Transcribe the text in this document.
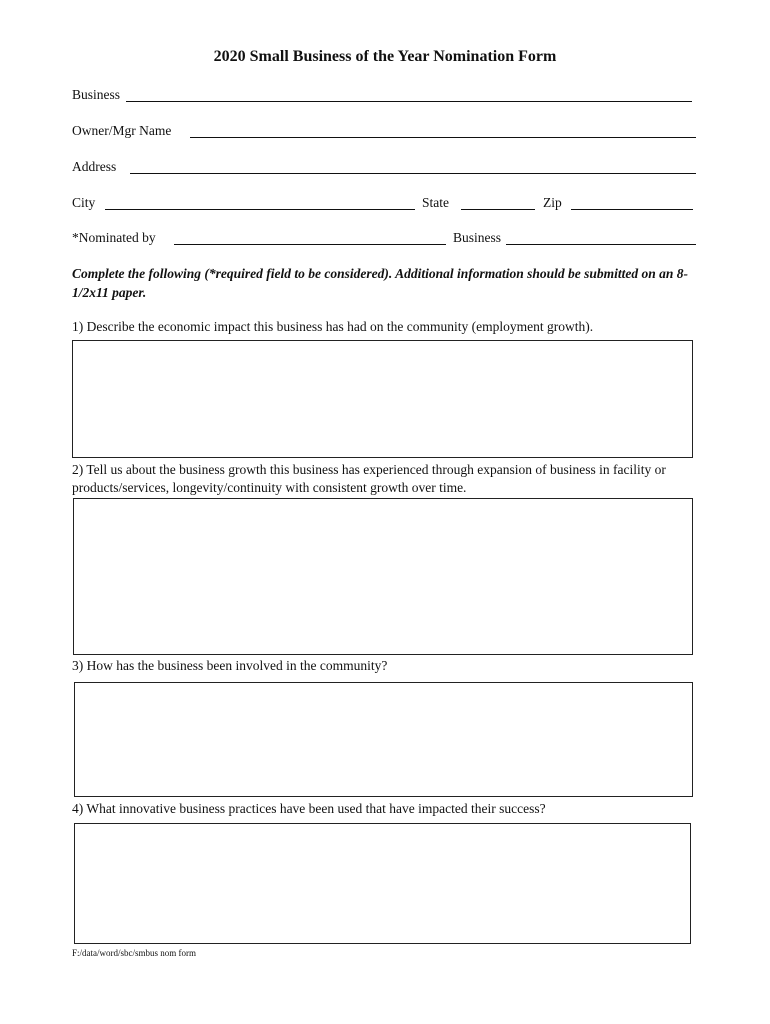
2020 Small Business of the Year Nomination Form
Business
Owner/Mgr Name
Address
City	State	Zip
*Nominated by	Business
Complete the following (*required field to be considered). Additional information should be submitted on an 8-1/2x11 paper.
1) Describe the economic impact this business has had on the community (employment growth).
2) Tell us about the business growth this business has experienced through expansion of business in facility or products/services, longevity/continuity with consistent growth over time.
3) How has the business been involved in the community?
4) What innovative business practices have been used that have impacted their success?
F:/data/word/sbc/smbus nom form
